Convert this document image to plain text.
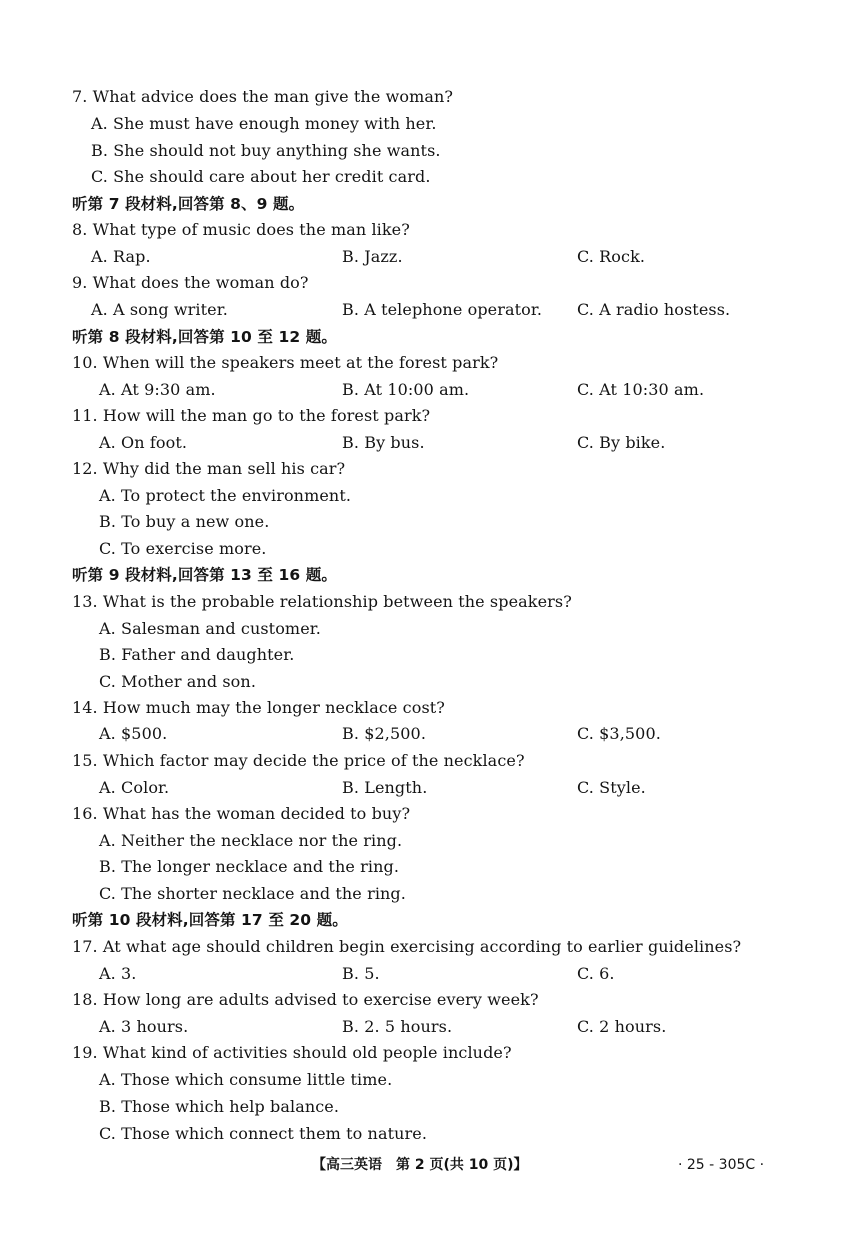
7. What advice does the man give the woman?
A. She must have enough money with her.
B. She should not buy anything she wants.
C. She should care about her credit card.
听第 7 段材料,回答第 8、9 题。
8. What type of music does the man like?
A. Rap.	B. Jazz.	C. Rock.
9. What does the woman do?
A. A song writer.	B. A telephone operator. C. A radio hostess.
听第 8 段材料,回答第 10 至 12 题。
10. When will the speakers meet at the forest park?
A. At 9:30 am.	B. At 10:00 am.	C. At 10:30 am.
11. How will the man go to the forest park?
A. On foot.	B. By bus.	C. By bike.
12. Why did the man sell his car?
A. To protect the environment.
B. To buy a new one.
C. To exercise more.
听第 9 段材料,回答第 13 至 16 题。
13. What is the probable relationship between the speakers?
A. Salesman and customer.
B. Father and daughter.
C. Mother and son.
14. How much may the longer necklace cost?
A. $500.	B. $2,500.	C. $3,500.
15. Which factor may decide the price of the necklace?
A. Color.	B. Length.	C. Style.
16. What has the woman decided to buy?
A. Neither the necklace nor the ring.
B. The longer necklace and the ring.
C. The shorter necklace and the ring.
听第 10 段材料,回答第 17 至 20 题。
17. At what age should children begin exercising according to earlier guidelines?
A. 3.	B. 5.	C. 6.
18. How long are adults advised to exercise every week?
A. 3 hours.	B. 2. 5 hours.	C. 2 hours.
19. What kind of activities should old people include?
A. Those which consume little time.
B. Those which help balance.
C. Those which connect them to nature.
【高三英语　第 2 页(共 10 页)】	· 25 - 305C ·
